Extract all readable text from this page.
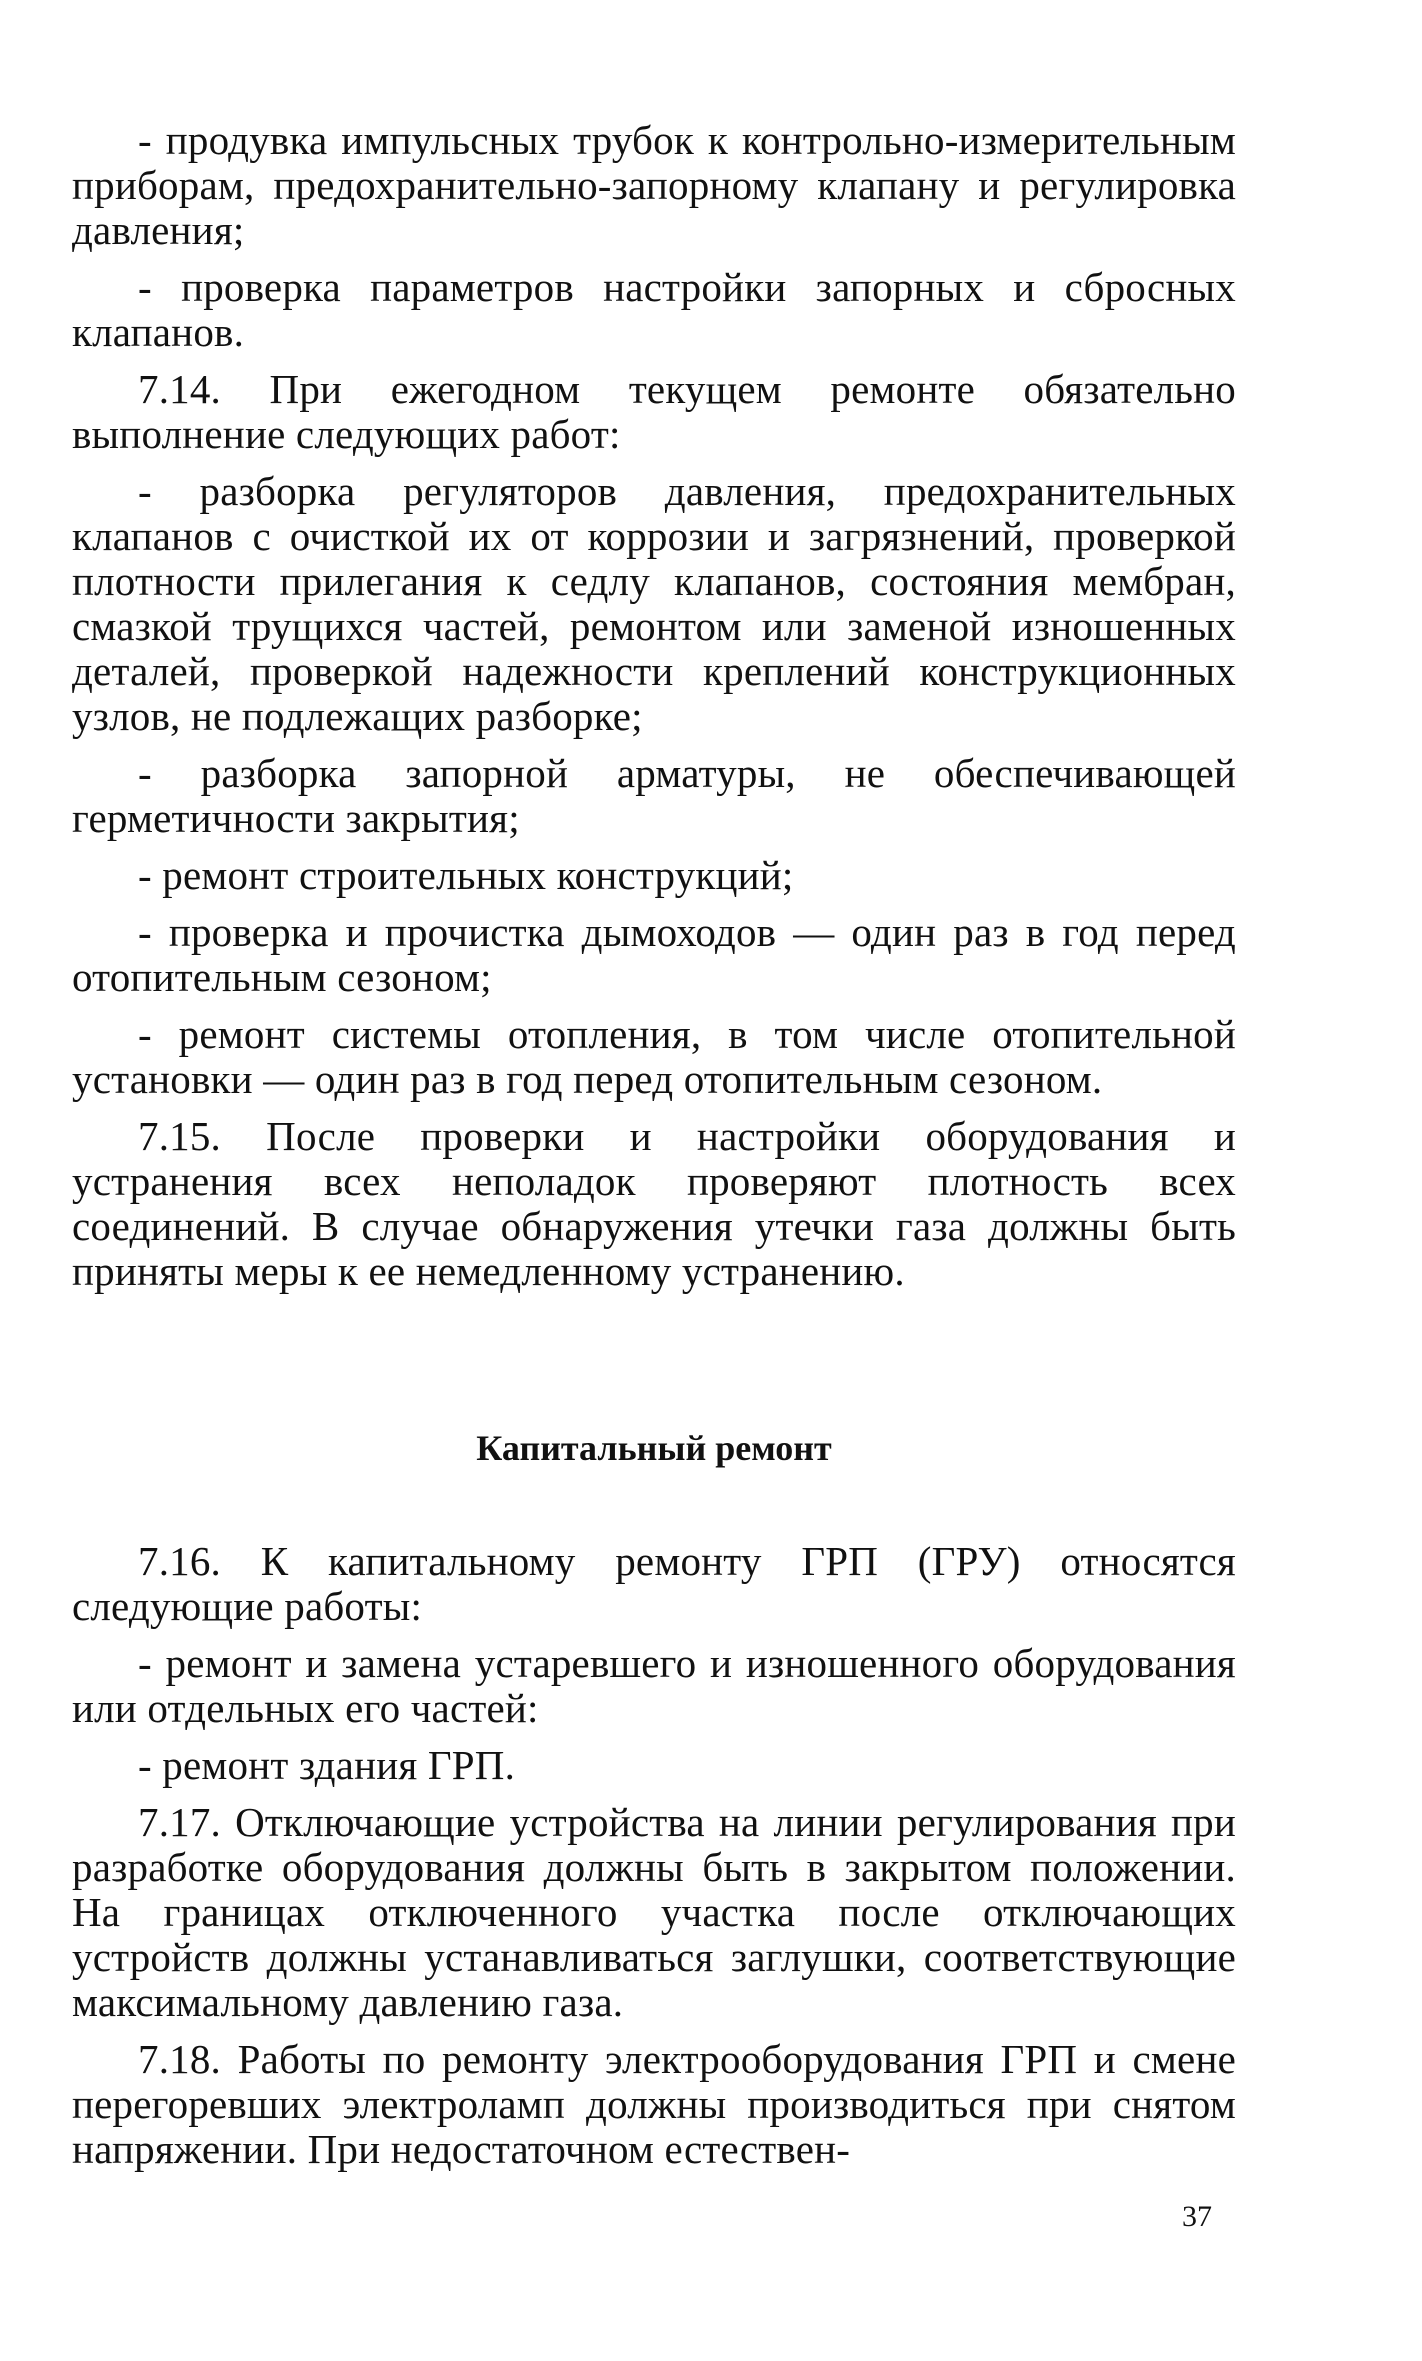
- продувка импульсных трубок к контрольно-измерительным приборам, предохранительно-запорному клапану и регулировка давления;

- проверка параметров настройки запорных и сбросных клапанов.

7.14. При ежегодном текущем ремонте обязательно выполнение следующих работ:

- разборка регуляторов давления, предохранительных клапанов с очисткой их от коррозии и загрязнений, проверкой плотности прилегания к седлу клапанов, состояния мембран, смазкой трущихся частей, ремонтом или заменой изношенных деталей, проверкой надежности креплений конструкционных узлов, не подлежащих разборке;

- разборка запорной арматуры, не обеспечивающей герметичности закрытия;

- ремонт строительных конструкций;

- проверка и прочистка дымоходов — один раз в год перед отопительным сезоном;

- ремонт системы отопления, в том числе отопительной установки — один раз в год перед отопительным сезоном.

7.15. После проверки и настройки оборудования и устранения всех неполадок проверяют плотность всех соединений. В случае обнаружения утечки газа должны быть приняты меры к ее немедленному устранению.

Капитальный ремонт

7.16. К капитальному ремонту ГРП (ГРУ) относятся следующие работы:

- ремонт и замена устаревшего и изношенного оборудования или отдельных его частей:

- ремонт здания ГРП.

7.17. Отключающие устройства на линии регулирования при разработке оборудования должны быть в закрытом положении. На границах отключенного участка после отключающих устройств должны устанавливаться заглушки, соответствующие максимальному давлению газа.

7.18. Работы по ремонту электрооборудования ГРП и смене перегоревших электроламп должны производиться при снятом напряжении. При недостаточном естествен-

37
